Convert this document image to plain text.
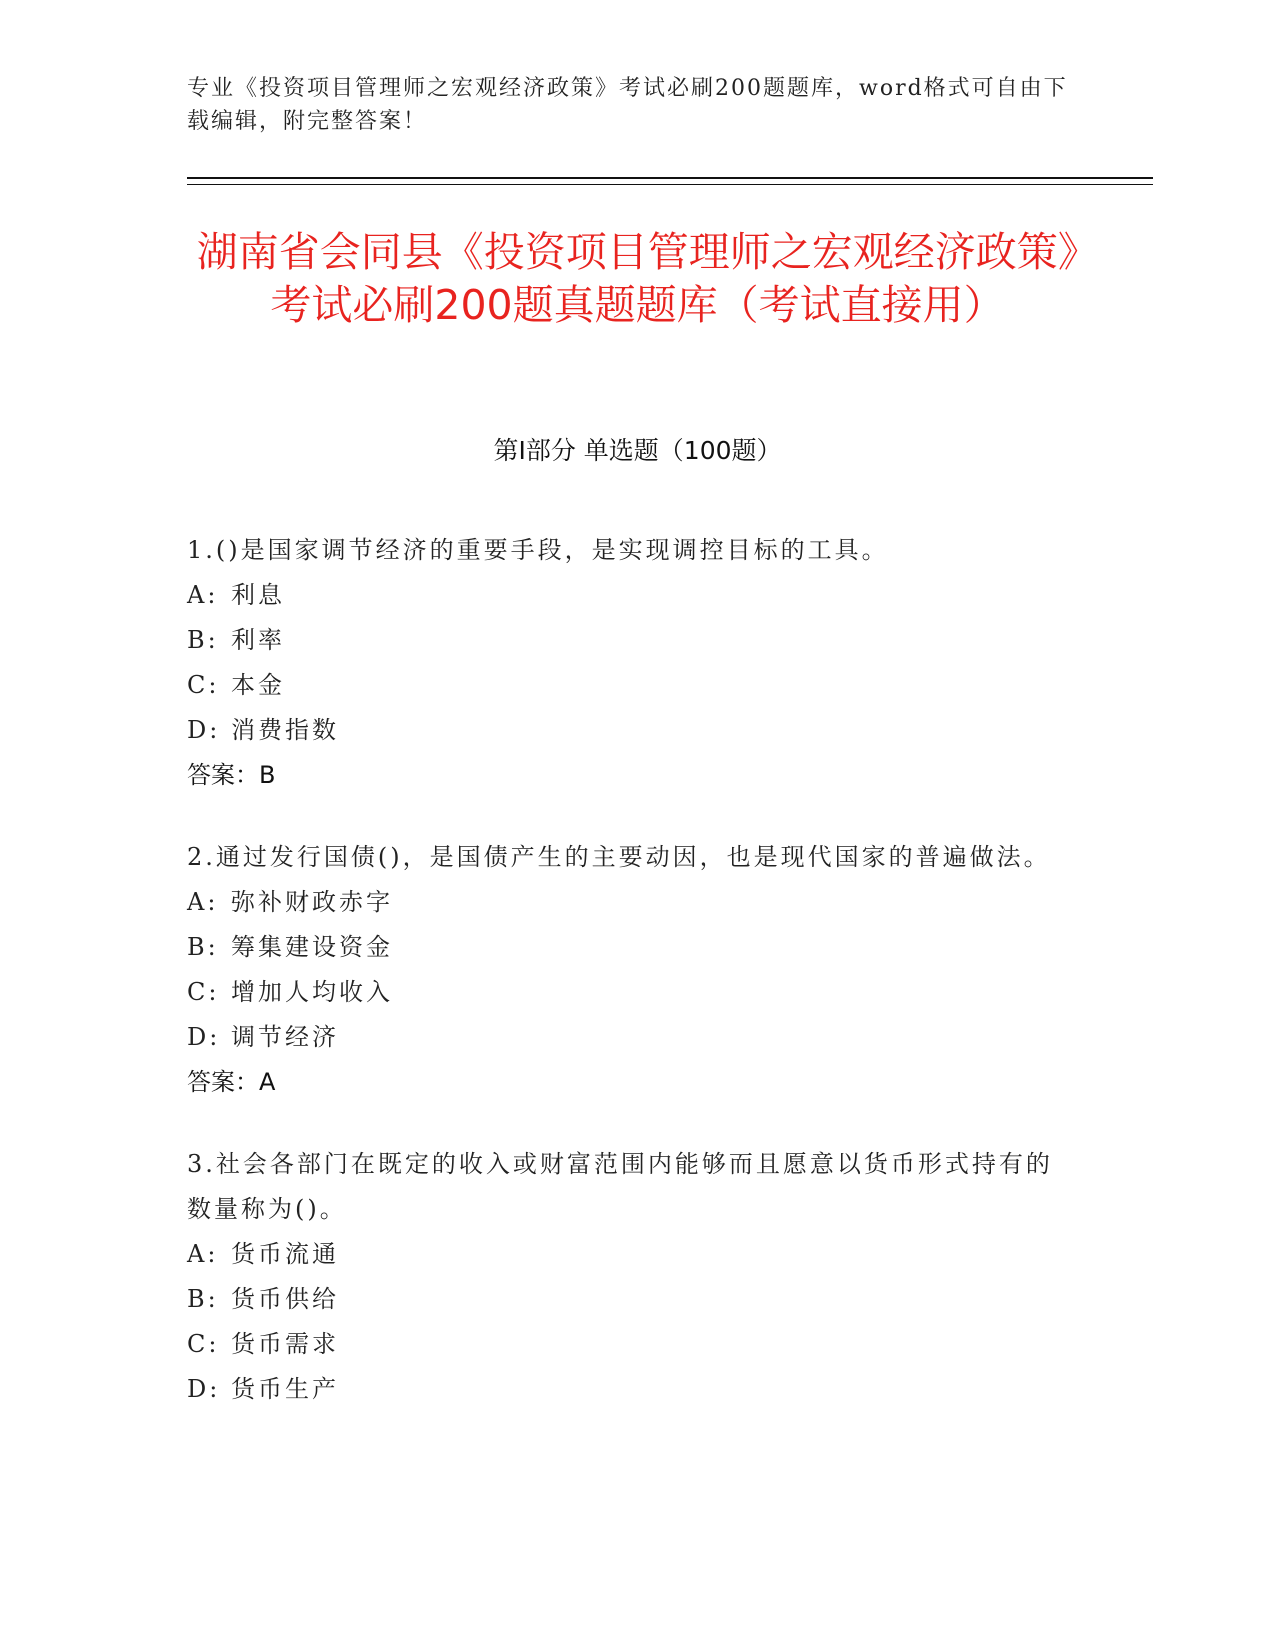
专业《投资项目管理师之宏观经济政策》考试必刷200题题库，word格式可自由下载编辑，附完整答案！
湖南省会同县《投资项目管理师之宏观经济政策》考试必刷200题真题题库（考试直接用）
第I部分 单选题（100题）
1.()是国家调节经济的重要手段，是实现调控目标的工具。
A: 利息
B: 利率
C: 本金
D: 消费指数
答案：B
2.通过发行国债()，是国债产生的主要动因，也是现代国家的普遍做法。
A: 弥补财政赤字
B: 筹集建设资金
C: 增加人均收入
D: 调节经济
答案：A
3.社会各部门在既定的收入或财富范围内能够而且愿意以货币形式持有的数量称为()。
A: 货币流通
B: 货币供给
C: 货币需求
D: 货币生产
